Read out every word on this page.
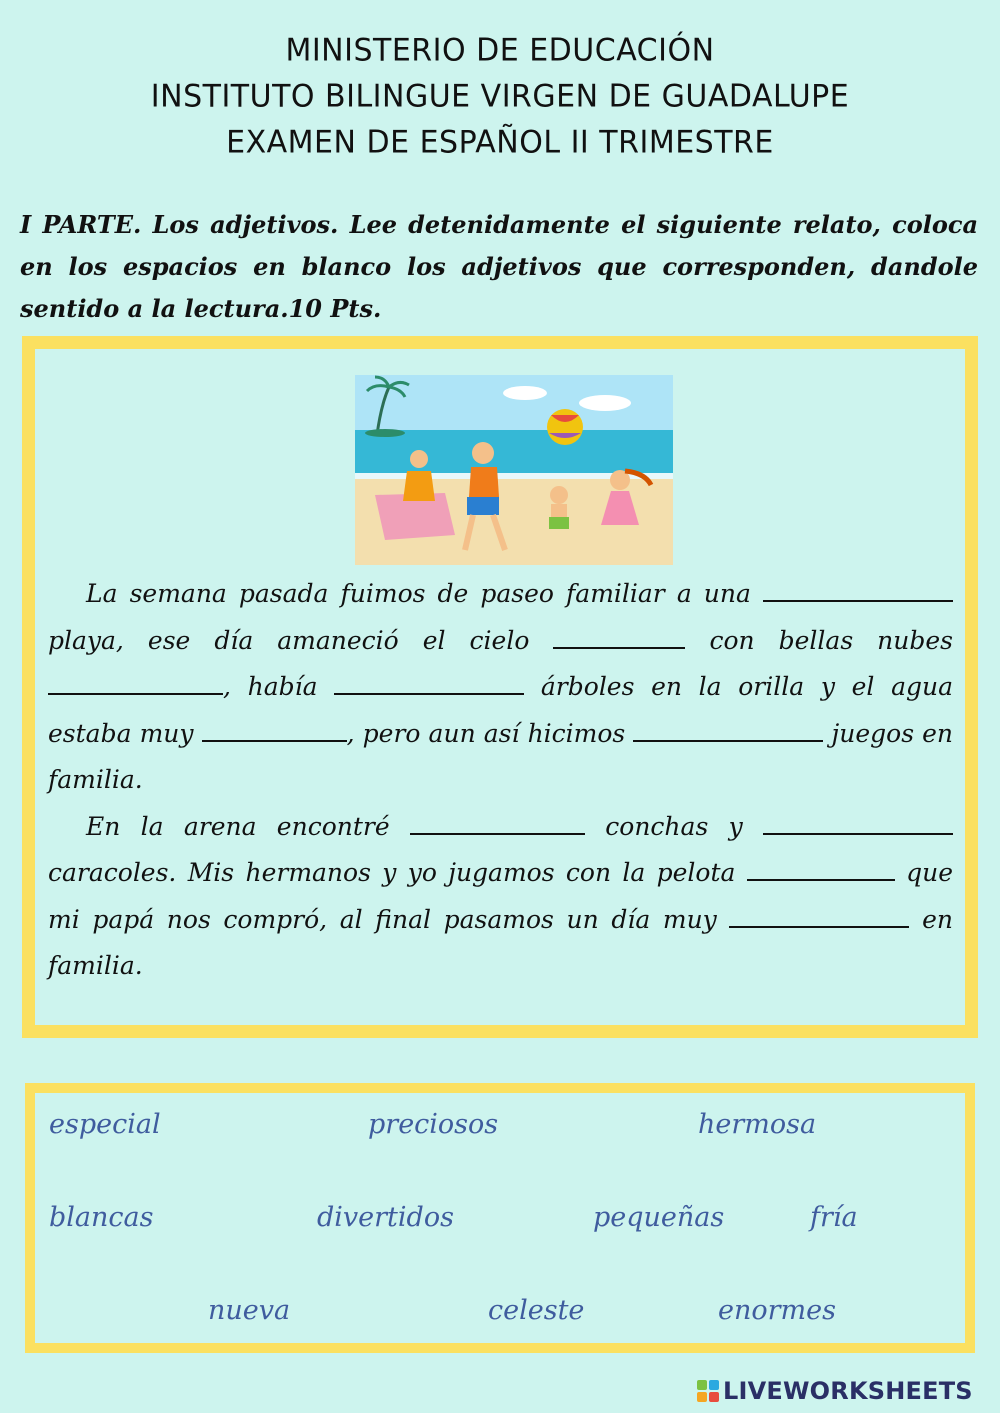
MINISTERIO DE EDUCACIÓN
INSTITUTO BILINGUE VIRGEN DE GUADALUPE
EXAMEN DE ESPAÑOL II TRIMESTRE
I PARTE. Los adjetivos. Lee detenidamente el siguiente relato, coloca en los espacios en blanco los adjetivos que corresponden, dandole sentido a la lectura.10 Pts.

La semana pasada fuimos de paseo familiar a una  playa, ese día amaneció el cielo	con bellas nubes , había	árboles en la orilla y el agua estaba muy	, pero aun así hicimos	juegos en familia.

En la arena encontré	conchas y  caracoles. Mis hermanos y yo jugamos con la pelota	que mi papá nos compró, al final pasamos un día muy	en familia.

especial	preciosos	hermosa
blancas	divertidos	pequeñas	fría
nueva	celeste	enormes
LIVEWORKSHEETS
